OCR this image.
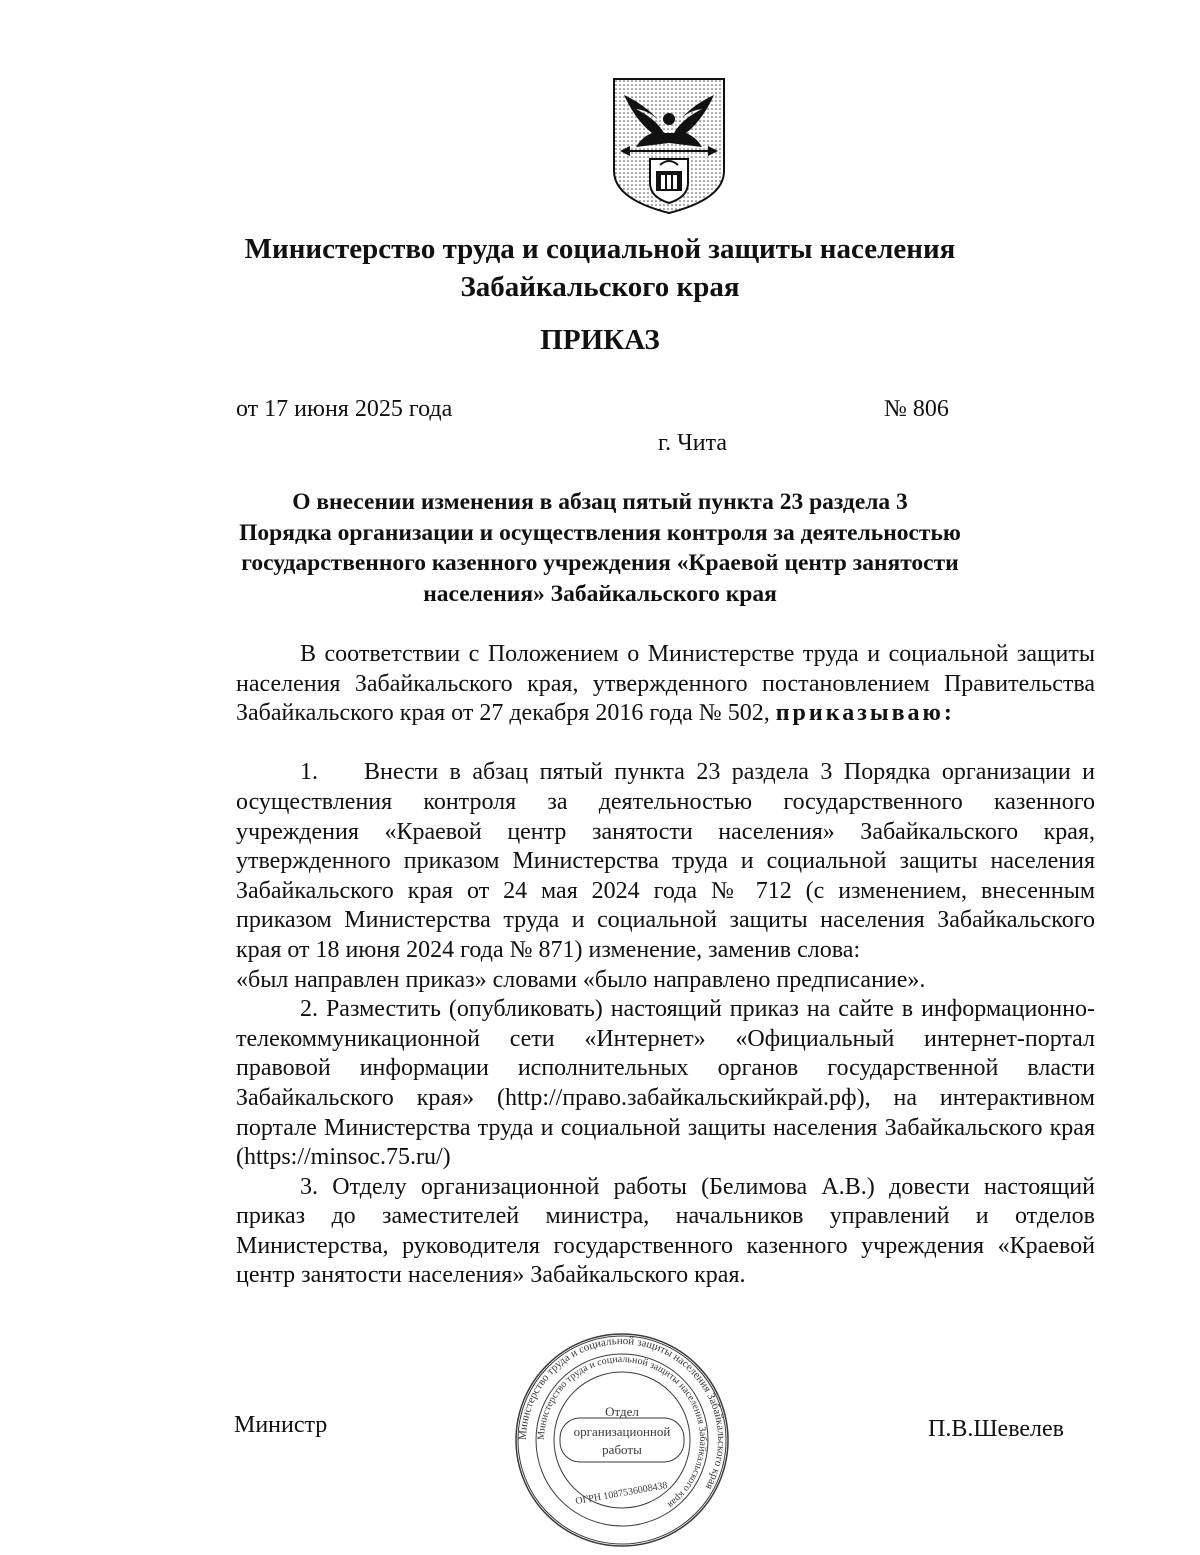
Министерство труда и социальной защиты населения
Забайкальского края
ПРИКАЗ
от 17 июня 2025 года	№ 806
г. Чита
О внесении изменения в абзац пятый пункта 23 раздела 3
Порядка организации и осуществления контроля за деятельностью
государственного казенного учреждения «Краевой центр занятости
населения» Забайкальского края

В соответствии с Положением о Министерстве труда и социальной защиты населения Забайкальского края, утвержденного постановлением Правительства Забайкальского края от 27 декабря 2016 года № 502, приказываю:

1. Внести в абзац пятый пункта 23 раздела 3 Порядка организации и осуществления контроля за деятельностью государственного казенного учреждения «Краевой центр занятости населения» Забайкальского края, утвержденного приказом Министерства труда и социальной защиты населения Забайкальского края от 24 мая 2024 года № 712 (с изменением, внесенным приказом Министерства труда и социальной защиты населения Забайкальского края от 18 июня 2024 года № 871) изменение, заменив слова:

«был направлен приказ» словами «было направлено предписание».

2. Разместить (опубликовать) настоящий приказ на сайте в информационно-телекоммуникационной сети «Интернет» «Официальный интернет-портал правовой информации исполнительных органов государственной власти Забайкальского края» (http://право.забайкальскийкрай.рф), на интерактивном портале Министерства труда и социальной защиты населения Забайкальского края (https://minsoc.75.ru/)

3. Отделу организационной работы (Белимова А.В.) довести настоящий приказ до заместителей министра, начальников управлений и отделов Министерства, руководителя государственного казенного учреждения «Краевой центр занятости населения» Забайкальского края.

Министр	П.В.Шевелев
Министерство труда и социальной защиты населения Забайкальского края
Министерство труда и социальной защиты населения Забайкальского края
Отдел
организационной
работы
ОГРН 1087536008438
